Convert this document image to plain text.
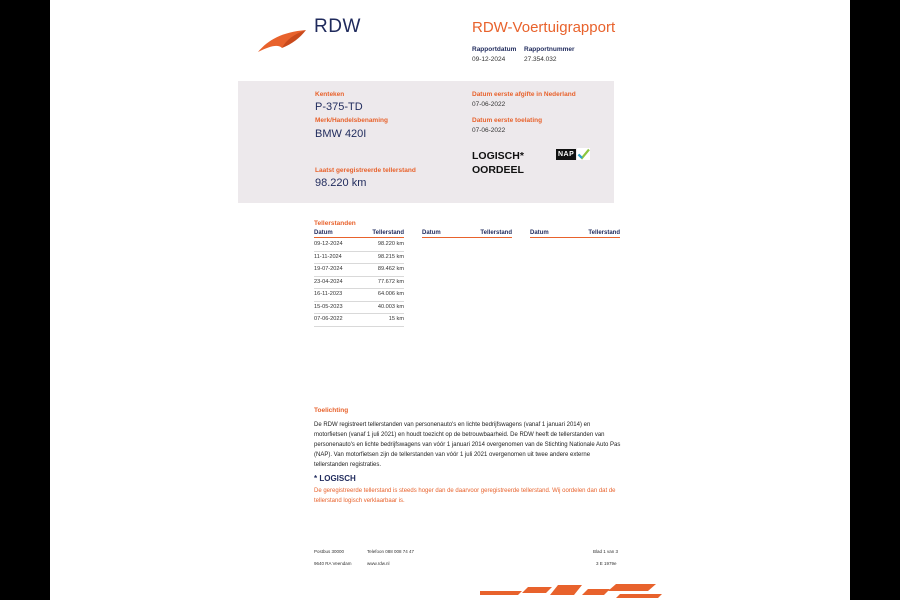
RDW	RDW-Voertuigrapport
Rapportdatum
09-12-2024
Rapportnummer
27.354.032
Kenteken
P-375-TD
Merk/Handelsbenaming
BMW 420I
Laatst geregistreerde tellerstand
98.220 km
Datum eerste afgifte in Nederland
07-06-2022
Datum eerste toelating
07-06-2022
LOGISCH*
OORDEEL
NAP
Tellerstanden
Datum	Tellerstand	Datum	Tellerstand	Datum	Tellerstand
09-12-2024	98.220 km
11-11-2024	98.215 km
19-07-2024	89.462 km
23-04-2024	77.672 km
16-11-2023	64.006 km
15-05-2023	40.003 km
07-06-2022	15 km
Toelichting
De RDW registreert tellerstanden van personenauto's en lichte bedrijfswagens (vanaf 1 januari 2014) en motorfietsen (vanaf 1 juli 2021) en houdt toezicht op de betrouwbaarheid. De RDW heeft de tellerstanden van personenauto's en lichte bedrijfswagens van vóór 1 januari 2014 overgenomen van de Stichting Nationale Auto Pas (NAP). Van motorfietsen zijn de tellerstanden van vóór 1 juli 2021 overgenomen uit twee andere externe tellerstanden registraties.
* LOGISCH
De geregistreerde tellerstand is steeds hoger dan de daarvoor geregistreerde tellerstand. Wij oordelen dan dat de tellerstand logisch verklaarbaar is.
Postbus 30000
9640 RA Veendam
Telefoon 088 008 74 47
www.rdw.nl
Blad 1 van 3
3 E 1979e
